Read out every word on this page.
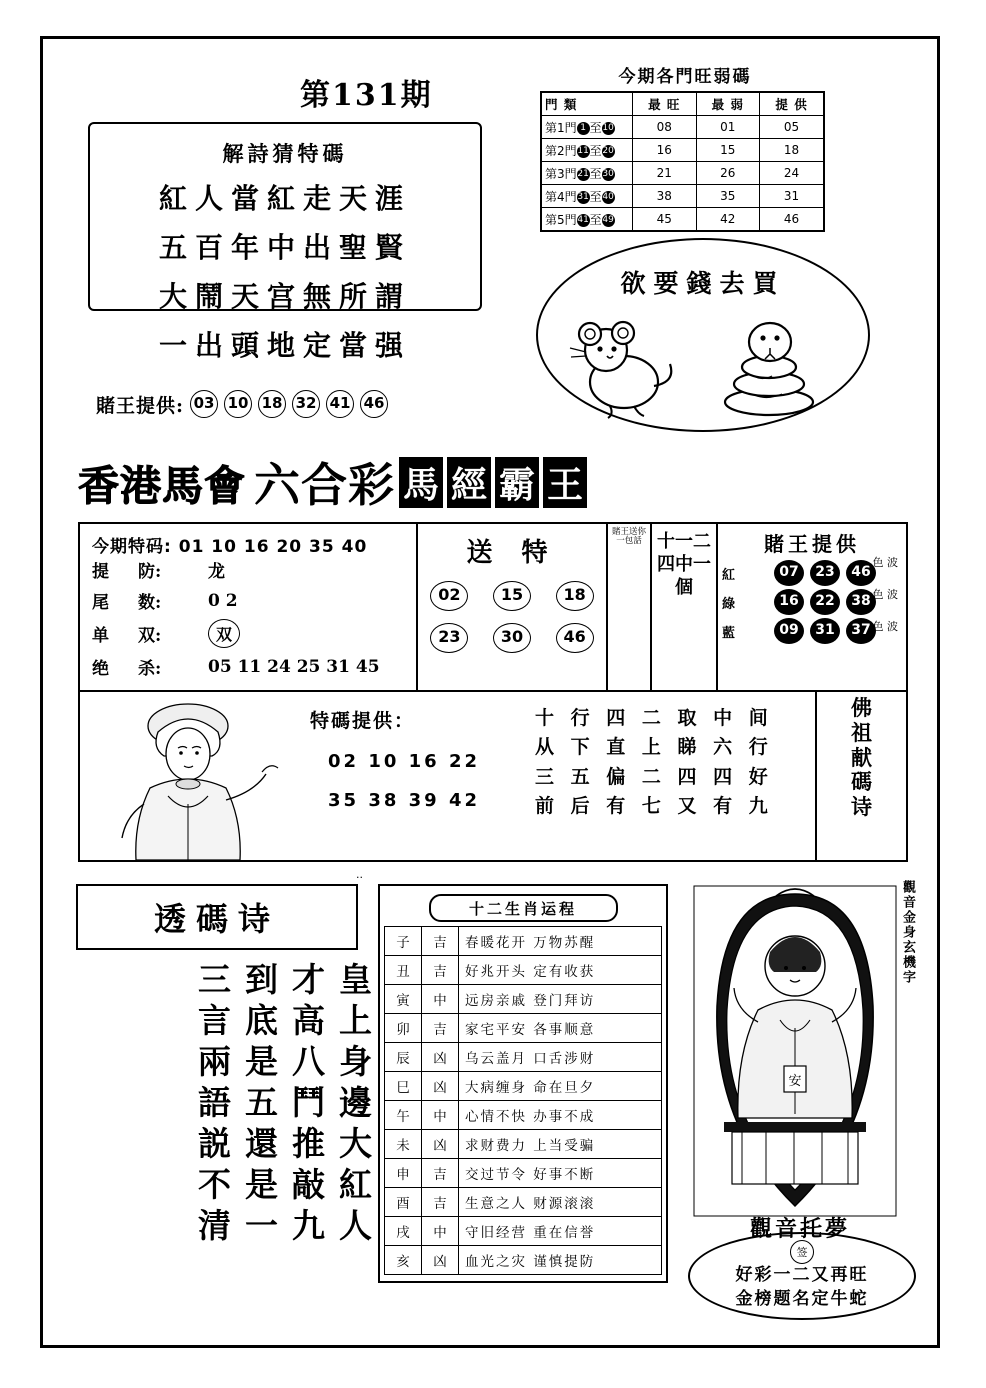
第131期
解詩猜特碼
紅人當紅走天涯
五百年中出聖賢
大鬧天宫無所謂
一出頭地定當强
賭王提供: 03 10 18 32 41 46
今期各門旺弱碼
門 類	最 旺	最 弱	提 供
第1門 1 至10	08	01	05
第2門11至20	16	15	18
第3門21至30	21	26	24
第4門31至40	38	35	31
第5門41至49	45	42	46
欲要錢去買
香港馬會 六合彩 馬 經 霸 王
今期特码: 01 10 16 20 35 40
提	防:	龙
尾	数:	0 2
单	双:	双
绝	杀:	05 11 24 25 31 45
送 特
02	15	18
23	30	46
賭王送你一包話 十一二四中一個
賭王提供
紅	07	23	46
綠	16	22	38
藍	09	31	37
色 波
色 波
色 波
特碼提供：
02 10 16 22
35 38 39 42
十 行 四 二 取 中 间
从 下 直 上 睇 六 行
三 五 偏 二 四 四 好
前 后 有 七 又 有 九
佛
祖
献
碼
诗
透碼诗
..
皇上身邊大紅人
才高八鬥推敲九
到底是五還是一
三言兩語説不清
十二生肖运程
子	吉	春暖花开 万物苏醒
丑	吉	好兆开头 定有收获
寅	中	远房亲戚 登门拜访
卯	吉	家宅平安 各事顺意
辰	凶	乌云盖月 口舌涉财
巳	凶	大病缠身 命在旦夕
午	中	心情不快 办事不成
未	凶	求财费力 上当受骗
申	吉	交过节令 好事不断
酉	吉	生意之人 财源滚滚
戌	中	守旧经营 重在信誉
亥	凶	血光之灾 谨慎提防
安
觀音金身玄機字
觀音托夢
签
好彩一二又再旺
金榜题名定牛蛇
